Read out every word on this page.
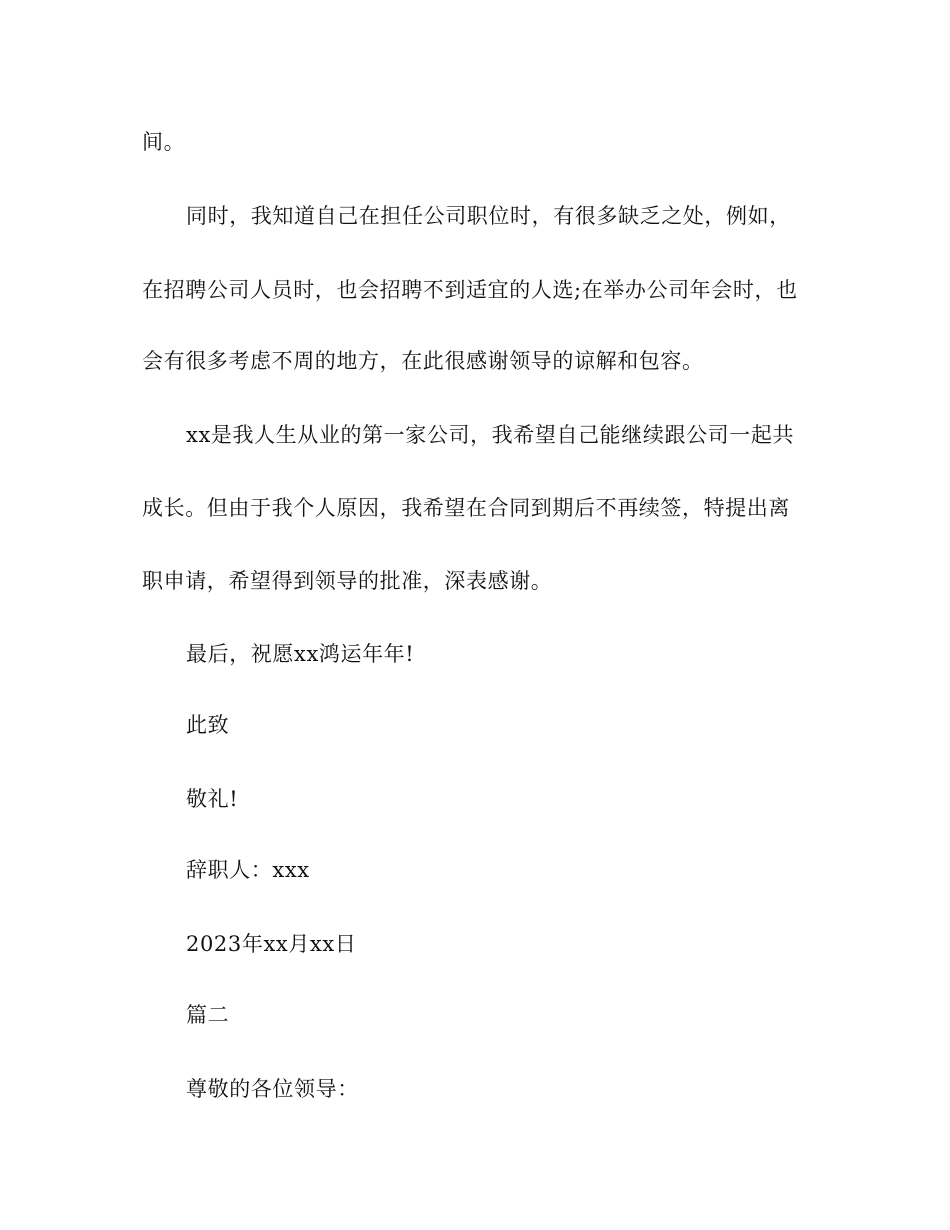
间。
同时，我知道自己在担任公司职位时，有很多缺乏之处，例如，
在招聘公司人员时，也会招聘不到适宜的人选;在举办公司年会时，也
会有很多考虑不周的地方，在此很感谢领导的谅解和包容。
xx是我人生从业的第一家公司，我希望自己能继续跟公司一起共
成长。但由于我个人原因，我希望在合同到期后不再续签，特提出离
职申请，希望得到领导的批准，深表感谢。
最后，祝愿xx鸿运年年!
此致
敬礼!
辞职人：xxx
2023年xx月xx日
篇二
尊敬的各位领导：
